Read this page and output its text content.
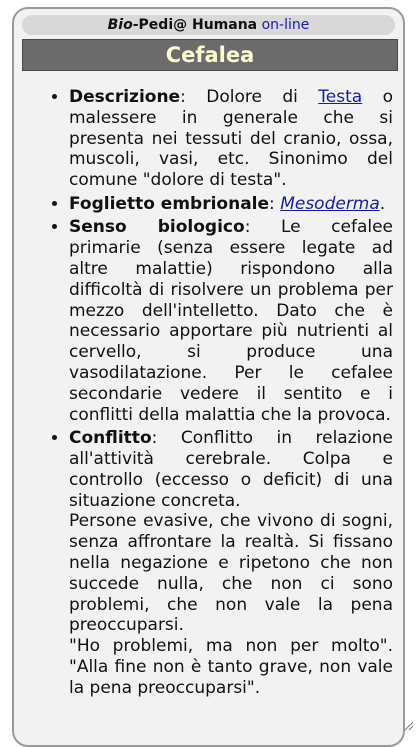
Bio-Pedi@ Humana on-line
Cefalea
• Descrizione: Dolore di Testa o malessere in generale che si presenta nei tessuti del cranio, ossa, muscoli, vasi, etc. Sinonimo del comune "dolore di testa".
• Foglietto embrionale: Mesoderma.
• Senso biologico: Le cefalee primarie (senza essere legate ad altre malattie) rispondono alla difficoltà di risolvere un problema per mezzo dell'intelletto. Dato che è necessario apportare più nutrienti al cervello, si produce una vasodilatazione. Per le cefalee secondarie vedere il sentito e i conflitti della malattia che la provoca.
• Conflitto: Conflitto in relazione all'attività cerebrale. Colpa e controllo (eccesso o deficit) di una situazione concreta.
Persone evasive, che vivono di sogni, senza affrontare la realtà. Si fissano nella negazione e ripetono che non succede nulla, che non ci sono problemi, che non vale la pena preoccuparsi.
"Ho problemi, ma non per molto". "Alla fine non è tanto grave, non vale la pena preoccuparsi".
